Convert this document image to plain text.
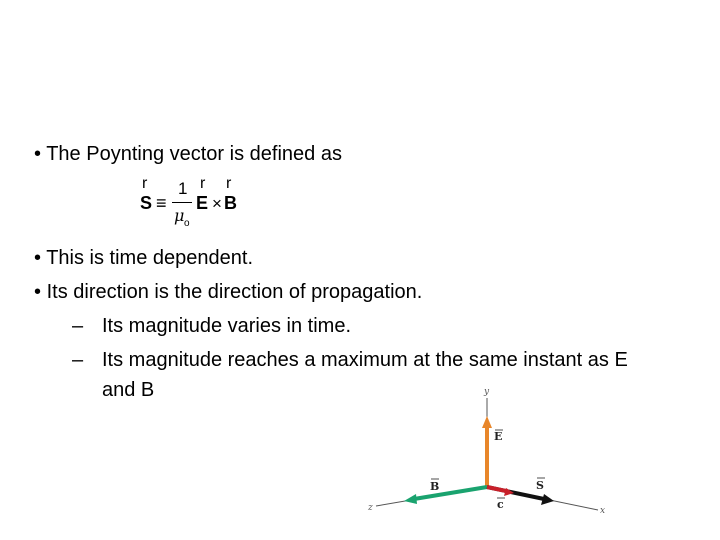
• The Poynting vector is defined as
r
S ≡
1
μ o
r
E ×
r
B
• This is time dependent.
• Its direction is the direction of propagation.
– Its magnitude varies in time.
– Its magnitude reaches a maximum at the same instant as E
and B	y
z	x
E
B	S
c
